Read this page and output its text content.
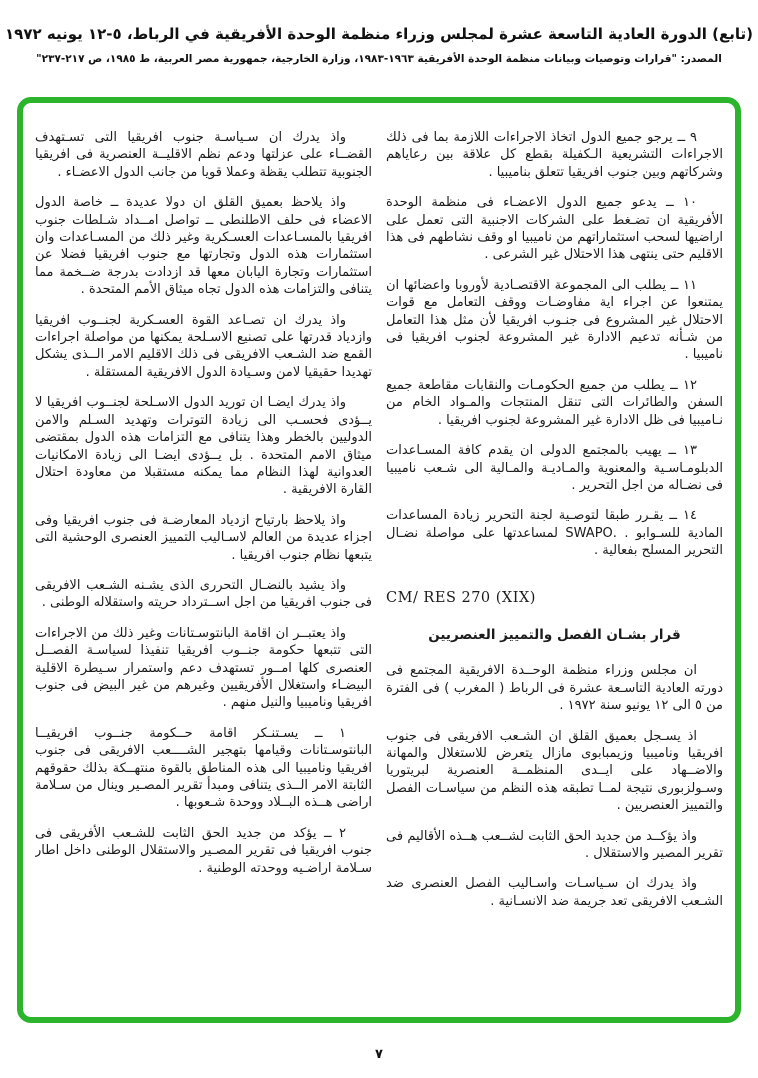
(تابع) الدورة العادية التاسعة عشرة لمجلس وزراء منظمة الوحدة الأفريقية في الرباط، ٥-١٢ يونيه ١٩٧٢
المصدر: "قرارات وتوصيات وبيانات منظمة الوحدة الأفريقية ١٩٦٣-١٩٨٣، وزارة الخارجية، جمهورية مصر العربية، ط ١٩٨٥، ص ٢١٧-٢٣٧"

٩ ــ يرجو جميع الدول اتخاذ الاجراءات اللازمة بما فى ذلك الاجراءات التشريعية الـكفيلة بقطع كل علاقة بين رعاياهم وشركاتهم وبين جنوب افريقيا تتعلق بناميبيا .

١٠ ــ يدعو جميع الدول الاعضـاء فى منظمة الوحدة الأفريقية ان تضـغط على الشركات الاجنبية التى تعمل على اراضيها لسحب استثماراتهم من ناميبيا او وقف نشاطهم فى هذا الاقليم حتى ينتهى هذا الاحتلال غير الشرعى .

١١ ــ يطلب الى المجموعة الاقتصـادية لأوروبا واعضائها ان يمتنعوا عن اجراء اية مفاوضـات ووقف التعامل مع قوات الاحتلال غير المشروع فى جنـوب افريقيا لأن مثل هذا التعامل من شـأنه تدعيم الادارة غير المشروعة لجنوب افريقيا فى ناميبيا .

١٢ ــ يطلب من جميع الحكومـات والنقابات مقاطعة جميع السفن والطائرات التى تنقل المنتجات والمـواد الخام من نـاميبيا فى ظل الادارة غير المشروعة لجنوب افريقيا .

١٣ ــ يهيب بالمجتمع الدولى ان يقدم كافة المسـاعدات الدبلومـاسـية والمعنوية والمـاديـة والمـالية الى شـعب ناميبيا فى نضـاله من اجل التحرير .

١٤ ــ يقـرر طبقا لتوصـية لجنة التحرير زيادة المساعدات المادية للسـوابو . .SWAPO لمساعدتها على مواصلة نضـال التحرير المسلح بفعالية .

CM/ RES 270 (XIX)

قرار بشـان الفصل والتمييز العنصريين

ان مجلس وزراء منظمة الوحــدة الافريقية المجتمع فى دورته العادية التاسـعة عشرة فى الرباط ( المغرب ) فى الفترة من ٥ الى ١٢ يونيو سنة ١٩٧٢ .

اذ يسـجل بعميق القلق ان الشـعب الافريقى فى جنوب افريقيا وناميبيا وزيمبابوى مازال يتعرض للاستغلال والمهانة والاضــهاد على ايــدى المنظمــة العنصرية لبريتوريا وسـولزبورى نتيجة لمــا تطبقه هذه النظم من سياسـات الفصل والتمييز العنصريين .

واذ يؤكــد من جديد الحق الثابت لشــعب هــذه الأقاليم فى تقرير المصير والاستقلال .

واذ يدرك ان سـياسـات واسـاليب الفصل العنصرى ضد الشـعب الافريقى تعد جريمة ضد الانسـانية .

واذ يدرك ان سـياسـة جنوب افريقيا التى تسـتهدف القضــاء على عزلتها ودعم نظم الاقليــة العنصرية فى افريقيا الجنوبية تتطلب يقظة وعملا قويا من جانب الدول الاعضـاء .

واذ يلاحظ بعميق القلق ان دولا عديدة ــ خاصة الدول الاعضاء فى حلف الاطلنطى ــ تواصل امــداد شـلطات جنوب افريقيا بالمسـاعدات العسـكرية وغير ذلك من المسـاعدات وان استثمارات هذه الدول وتجارتها مع جنوب افريقيا فضلا عن استثمارات وتجارة اليابان معها قد ازدادت بدرجة ضــخمة مما يتنافى والتزامات هذه الدول تجاه ميثاق الأمم المتحدة .

واذ يدرك ان تصـاعد القوة العسـكرية لجنــوب افريقيا وازدياد قدرتها على تصنيع الاسـلحة يمكنها من مواصلة اجراءات القمع ضد الشـعب الافريقى فى ذلك الاقليم الامر الــذى يشكل تهديدا حقيقيا لامن وسـيادة الدول الافريقية المستقلة .

واذ يدرك ايضـا ان توريد الدول الاسـلحة لجنــوب افريقيا لا يــؤدى فحسـب الى زيادة التوترات وتهديد السـلم والامن الدوليين بالخطر وهذا يتنافى مع التزامات هذه الدول بمقتضى ميثاق الامم المتحدة . بل يــؤدى ايضـا الى زيادة الامكانيات العدوانية لهذا النظام مما يمكنه مستقبلا من معاودة احتلال القارة الافريقية .

واذ يلاحظ بارتياح ازدياد المعارضـة فى جنوب افريقيا وفى اجزاء عديدة من العالم لاسـاليب التمييز العنصرى الوحشية التى يتبعها نظام جنوب افريقيا .

واذ يشيد بالنضـال التحررى الذى يشـنه الشـعب الافريقى فى جنوب افريقيا من اجل اســترداد حريته واستقلاله الوطنى .

واذ يعتبــر ان اقامة البانتوسـتانات وغير ذلك من الاجراءات التى تتبعها حكومة جنــوب افريقيا تنفيذا لسياسـة الفصــل العنصرى كلها امــور تستهدف دعم واستمرار سـيطرة الاقلية البيضـاء واستغلال الأفريقيين وغيرهم من غير البيض فى جنوب افريقيا وناميبيا والنيل منهم .

١ ــ يسـتنـكر اقامة حــكومة جنــوب افريقيــا البانتوسـتانات وقيامها بتهجير الشــــعب الافريقى فى جنوب افريقيا وناميبيا الى هذه المناطق بالقوة منتهــكة بذلك حقوقهم الثابتة الامر الــذى يتنافى ومبدأ تقرير المصـير وينال من سـلامة اراضى هــذه البــلاد ووحدة شـعوبها .

٢ ــ يؤكد من جديد الحق الثابت للشـعب الأفريقى فى جنوب افريقيا فى تقرير المصـير والاستقلال الوطنى داخل اطار سـلامة اراضـيه ووحدته الوطنية .

٧
